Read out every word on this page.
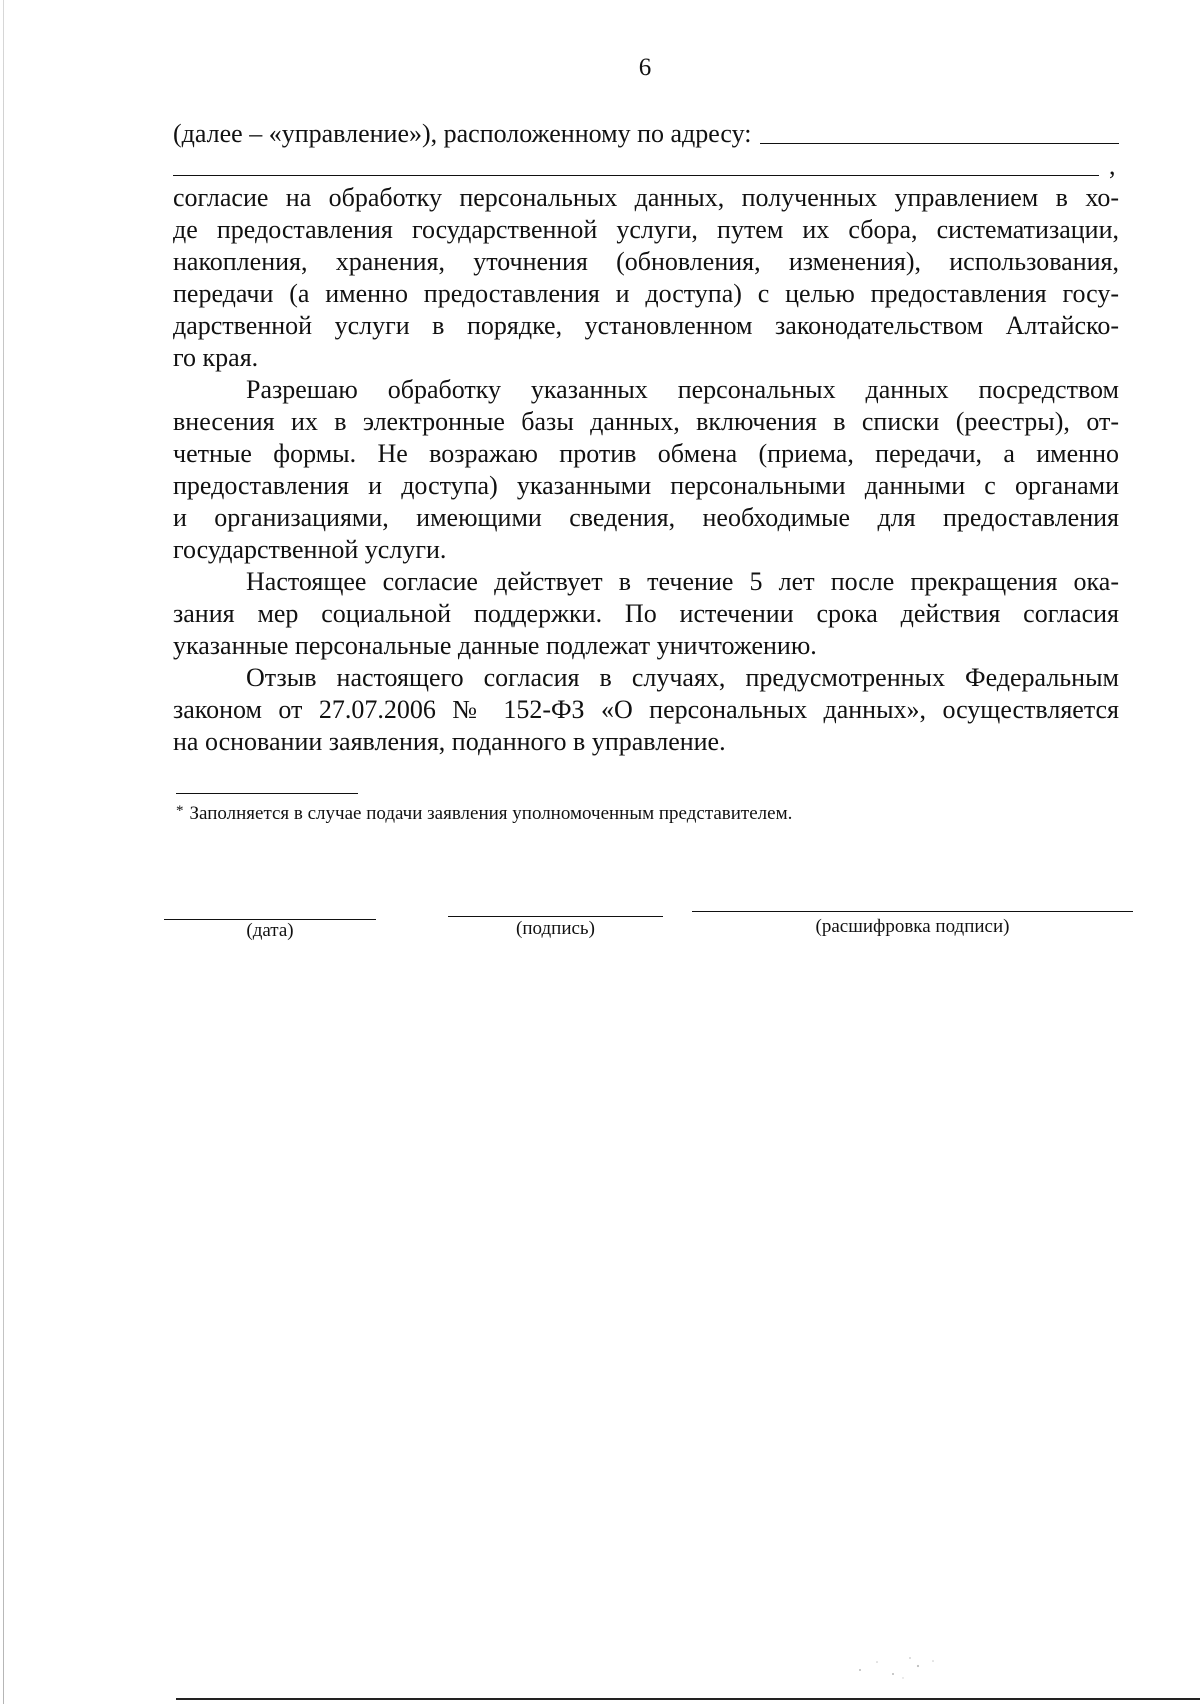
6
(далее – «управление»), расположенному по адресу:
,
согласие на обработку персональных данных, полученных управлением в хо-
де предоставления государственной услуги, путем их сбора, систематизации,
накопления, хранения, уточнения (обновления, изменения), использования,
передачи (а именно предоставления и доступа) с целью предоставления госу-
дарственной услуги в порядке, установленном законодательством Алтайско-
го края.
Разрешаю обработку указанных персональных данных посредством
внесения их в электронные базы данных, включения в списки (реестры), от-
четные формы. Не возражаю против обмена (приема, передачи, а именно
предоставления и доступа) указанными персональными данными с органами
и организациями, имеющими сведения, необходимые для предоставления
государственной услуги.
Настоящее согласие действует в течение 5 лет после прекращения ока-
зания мер социальной поддержки. По истечении срока действия согласия
указанные персональные данные подлежат уничтожению.
Отзыв настоящего согласия в случаях, предусмотренных Федеральным
законом от 27.07.2006 № 152-ФЗ «О персональных данных», осуществляется
на основании заявления, поданного в управление.
* Заполняется в случае подачи заявления уполномоченным представителем.
(дата)	(подпись)	(расшифровка подписи)
